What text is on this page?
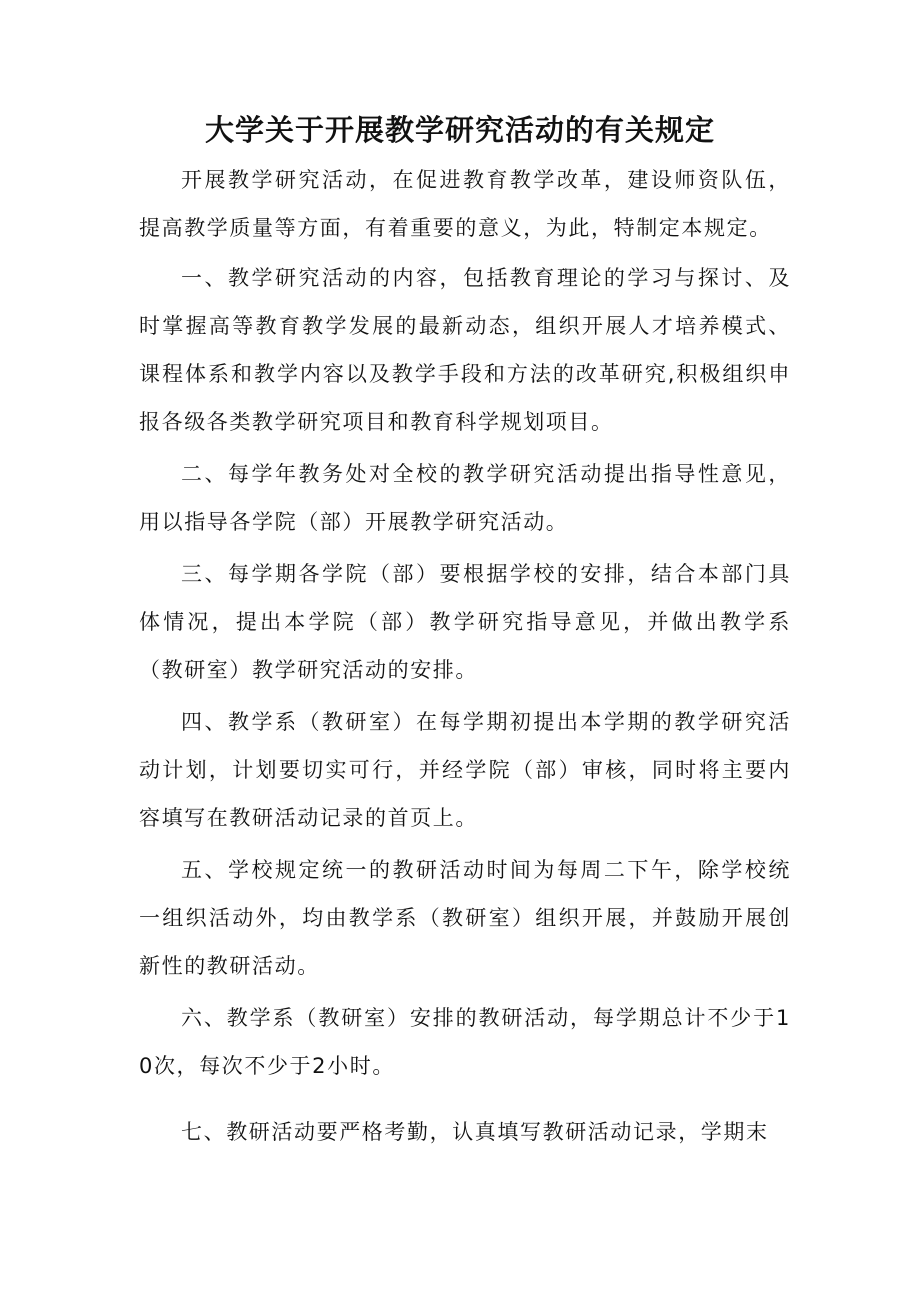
大学关于开展教学研究活动的有关规定

开展教学研究活动，在促进教育教学改革，建设师资队伍，提高教学质量等方面，有着重要的意义，为此，特制定本规定。

一、教学研究活动的内容，包括教育理论的学习与探讨、及时掌握高等教育教学发展的最新动态，组织开展人才培养模式、课程体系和教学内容以及教学手段和方法的改革研究,积极组织申报各级各类教学研究项目和教育科学规划项目。

二、每学年教务处对全校的教学研究活动提出指导性意见，用以指导各学院（部）开展教学研究活动。

三、每学期各学院（部）要根据学校的安排，结合本部门具体情况，提出本学院（部）教学研究指导意见，并做出教学系（教研室）教学研究活动的安排。

四、教学系（教研室）在每学期初提出本学期的教学研究活动计划，计划要切实可行，并经学院（部）审核，同时将主要内容填写在教研活动记录的首页上。

五、学校规定统一的教研活动时间为每周二下午，除学校统一组织活动外，均由教学系（教研室）组织开展，并鼓励开展创新性的教研活动。

六、教学系（教研室）安排的教研活动，每学期总计不少于10次，每次不少于2小时。

七、教研活动要严格考勤，认真填写教研活动记录，学期末
